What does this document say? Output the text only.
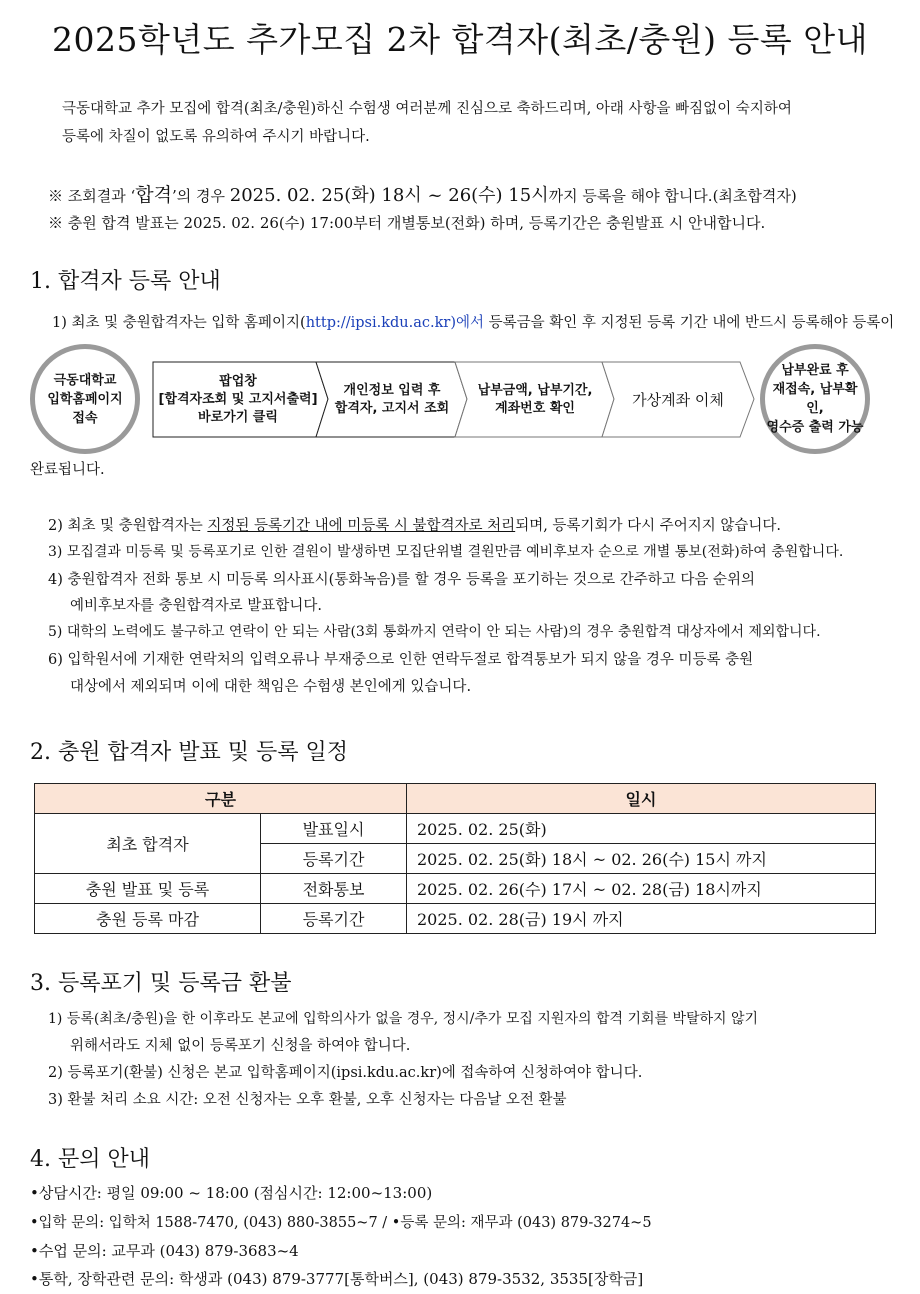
2025학년도 추가모집 2차 합격자(최초/충원) 등록 안내
극동대학교 추가 모집에 합격(최초/충원)하신 수험생 여러분께 진심으로 축하드리며, 아래 사항을 빠짐없이 숙지하여
등록에 차질이 없도록 유의하여 주시기 바랍니다.
※ 조회결과 ‘합격’의 경우 2025. 02. 25(화) 18시 ~ 26(수) 15시까지 등록을 해야 합니다.(최초합격자)
※ 충원 합격 발표는 2025. 02. 26(수) 17:00부터 개별통보(전화) 하며, 등록기간은 충원발표 시 안내합니다.
1. 합격자 등록 안내
1) 최초 및 충원합격자는 입학 홈페이지(http://ipsi.kdu.ac.kr)에서 등록금을 확인 후 지정된 등록 기간 내에 반드시 등록해야 등록이
극동대학교
입학홈페이지
접속
팝업창
[합격자조회 및 고지서출력]
바로가기 클릭
개인정보 입력 후
합격자, 고지서 조회
납부금액, 납부기간,
계좌번호 확인	가상계좌 이체
납부완료 후
재접속, 납부확인,
영수증 출력 가능
완료됩니다.
2) 최초 및 충원합격자는 지정된 등록기간 내에 미등록 시 불합격자로 처리되며, 등록기회가 다시 주어지지 않습니다.
3) 모집결과 미등록 및 등록포기로 인한 결원이 발생하면 모집단위별 결원만큼 예비후보자 순으로 개별 통보(전화)하여 충원합니다.
4) 충원합격자 전화 통보 시 미등록 의사표시(통화녹음)를 할 경우 등록을 포기하는 것으로 간주하고 다음 순위의
예비후보자를 충원합격자로 발표합니다.
5) 대학의 노력에도 불구하고 연락이 안 되는 사람(3회 통화까지 연락이 안 되는 사람)의 경우 충원합격 대상자에서 제외합니다.
6) 입학원서에 기재한 연락처의 입력오류나 부재중으로 인한 연락두절로 합격통보가 되지 않을 경우 미등록 충원
대상에서 제외되며 이에 대한 책임은 수험생 본인에게 있습니다.
2. 충원 합격자 발표 및 등록 일정
구분		일시
최초 합격자	발표일시	2025. 02. 25(화)
	등록기간	2025. 02. 25(화) 18시 ~ 02. 26(수) 15시 까지
충원 발표 및 등록	전화통보	2025. 02. 26(수) 17시 ~ 02. 28(금) 18시까지
충원 등록 마감	등록기간	2025. 02. 28(금) 19시 까지
3. 등록포기 및 등록금 환불
1) 등록(최초/충원)을 한 이후라도 본교에 입학의사가 없을 경우, 정시/추가 모집 지원자의 합격 기회를 박탈하지 않기
위해서라도 지체 없이 등록포기 신청을 하여야 합니다.
2) 등록포기(환불) 신청은 본교 입학홈페이지(ipsi.kdu.ac.kr)에 접속하여 신청하여야 합니다.
3) 환불 처리 소요 시간: 오전 신청자는 오후 환불, 오후 신청자는 다음날 오전 환불
4. 문의 안내
•상담시간: 평일 09:00 ~ 18:00 (점심시간: 12:00~13:00)
•입학 문의: 입학처 1588-7470, (043) 880-3855~7 / •등록 문의: 재무과 (043) 879-3274~5
•수업 문의: 교무과 (043) 879-3683~4
•통학, 장학관련 문의: 학생과 (043) 879-3777[통학버스], (043) 879-3532, 3535[장학금]
